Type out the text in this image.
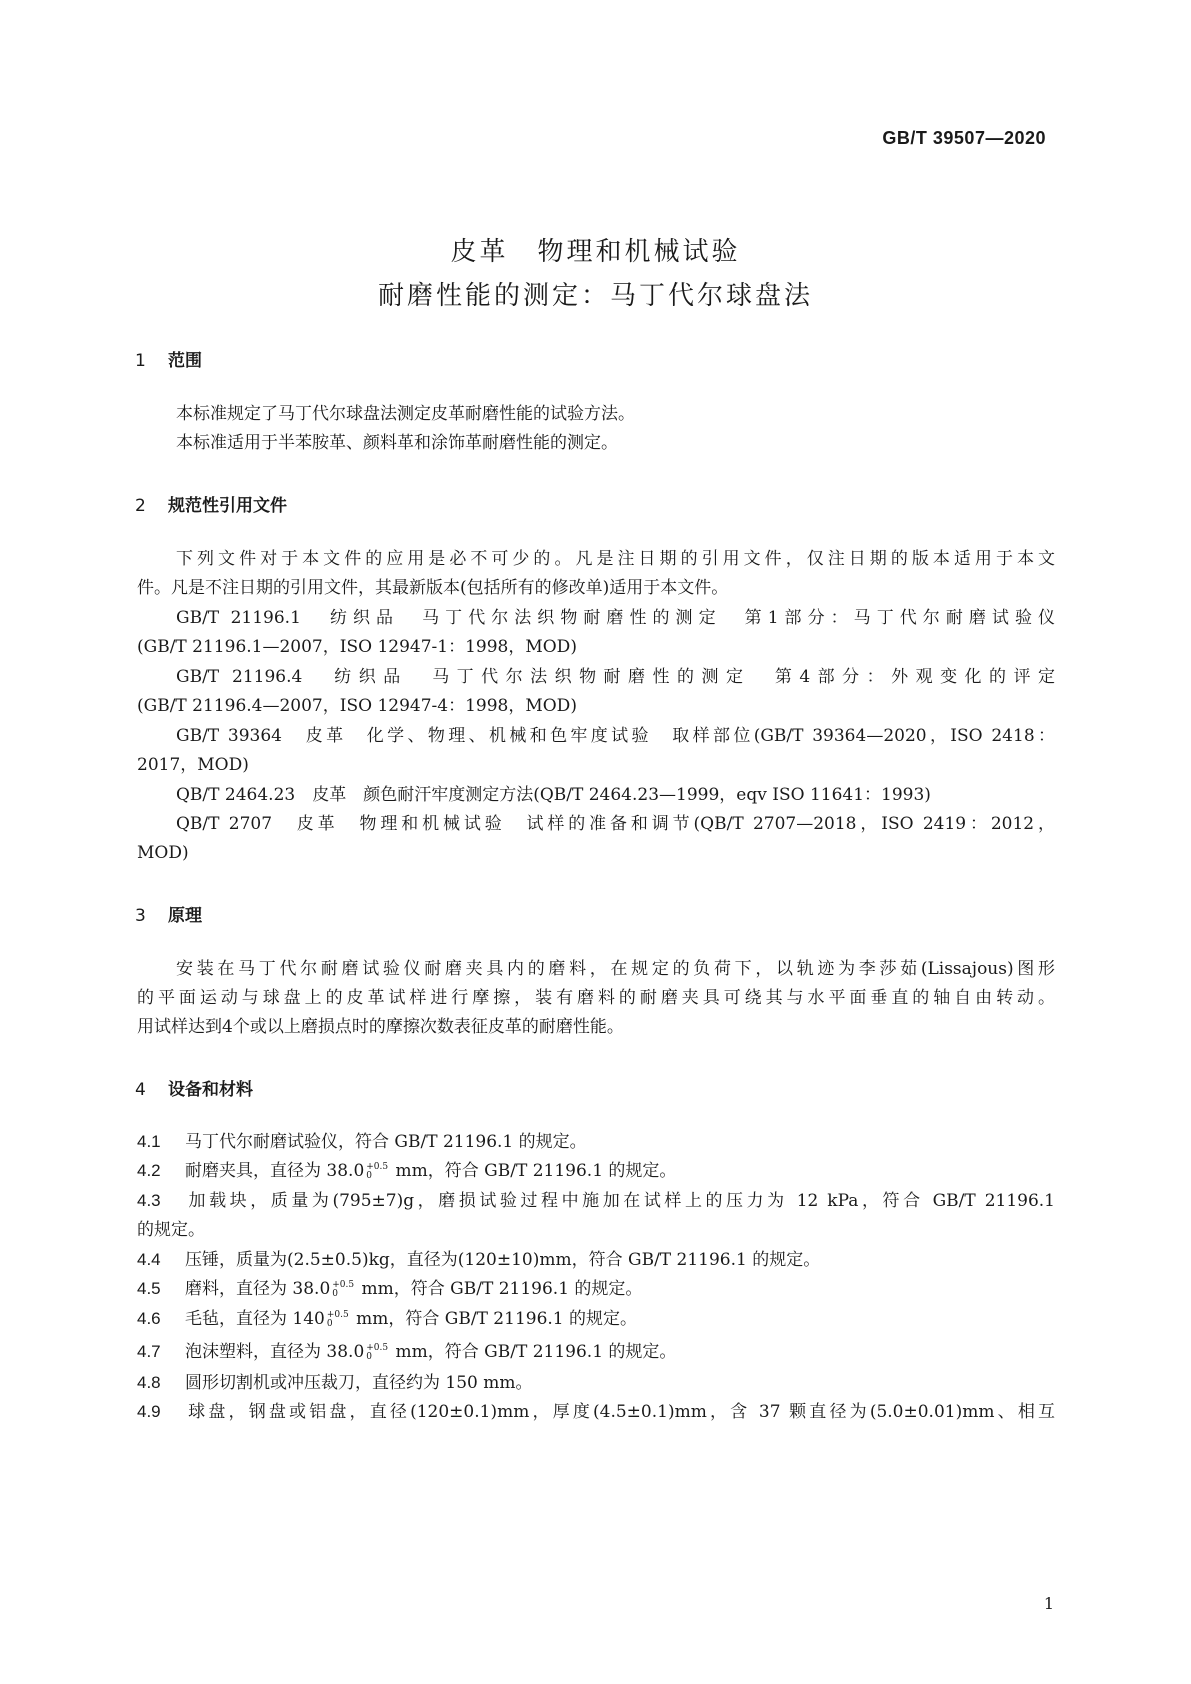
GB/T 39507—2020
皮革　物理和机械试验
耐磨性能的测定：马丁代尔球盘法
1 范围
本标准规定了马丁代尔球盘法测定皮革耐磨性能的试验方法。
本标准适用于半苯胺革、颜料革和涂饰革耐磨性能的测定。
2 规范性引用文件
下列文件对于本文件的应用是必不可少的。凡是注日期的引用文件，仅注日期的版本适用于本文
件。凡是不注日期的引用文件，其最新版本(包括所有的修改单)适用于本文件。
GB/T 21196.1　纺织品　马丁代尔法织物耐磨性的测定　第1部分：马丁代尔耐磨试验仪
(GB/T 21196.1—2007，ISO 12947-1：1998，MOD)
GB/T 21196.4　纺织品　马丁代尔法织物耐磨性的测定　第4部分：外观变化的评定
(GB/T 21196.4—2007，ISO 12947-4：1998，MOD)
GB/T 39364　皮革　化学、物理、机械和色牢度试验　取样部位(GB/T 39364—2020，ISO 2418：
2017，MOD)
QB/T 2464.23　皮革　颜色耐汗牢度测定方法(QB/T 2464.23—1999，eqv ISO 11641：1993)
QB/T 2707　皮革　物理和机械试验　试样的准备和调节(QB/T 2707—2018，ISO 2419：2012，
MOD)
3 原理
安装在马丁代尔耐磨试验仪耐磨夹具内的磨料，在规定的负荷下，以轨迹为李莎茹(Lissajous)图形
的平面运动与球盘上的皮革试样进行摩擦，装有磨料的耐磨夹具可绕其与水平面垂直的轴自由转动。
用试样达到4个或以上磨损点时的摩擦次数表征皮革的耐磨性能。
4 设备和材料
4.1 马丁代尔耐磨试验仪，符合 GB/T 21196.1 的规定。
4.2 耐磨夹具，直径为 38.0 +0.5
0	mm，符合 GB/T 21196.1 的规定。
4.3 加载块，质量为(795±7)g，磨损试验过程中施加在试样上的压力为 12 kPa，符合 GB/T 21196.1
的规定。
4.4 压锤，质量为(2.5±0.5)kg，直径为(120±10)mm，符合 GB/T 21196.1 的规定。
4.5 磨料，直径为 38.0 +0.5
0	mm，符合 GB/T 21196.1 的规定。
4.6 毛毡，直径为 140 +0.5
0	mm，符合 GB/T 21196.1 的规定。
4.7 泡沫塑料，直径为 38.0 +0.5
0	mm，符合 GB/T 21196.1 的规定。
4.8 圆形切割机或冲压裁刀，直径约为 150 mm。
4.9 球盘，钢盘或铝盘，直径(120±0.1)mm，厚度(4.5±0.1)mm，含 37 颗直径为(5.0±0.01)mm、相互
1
